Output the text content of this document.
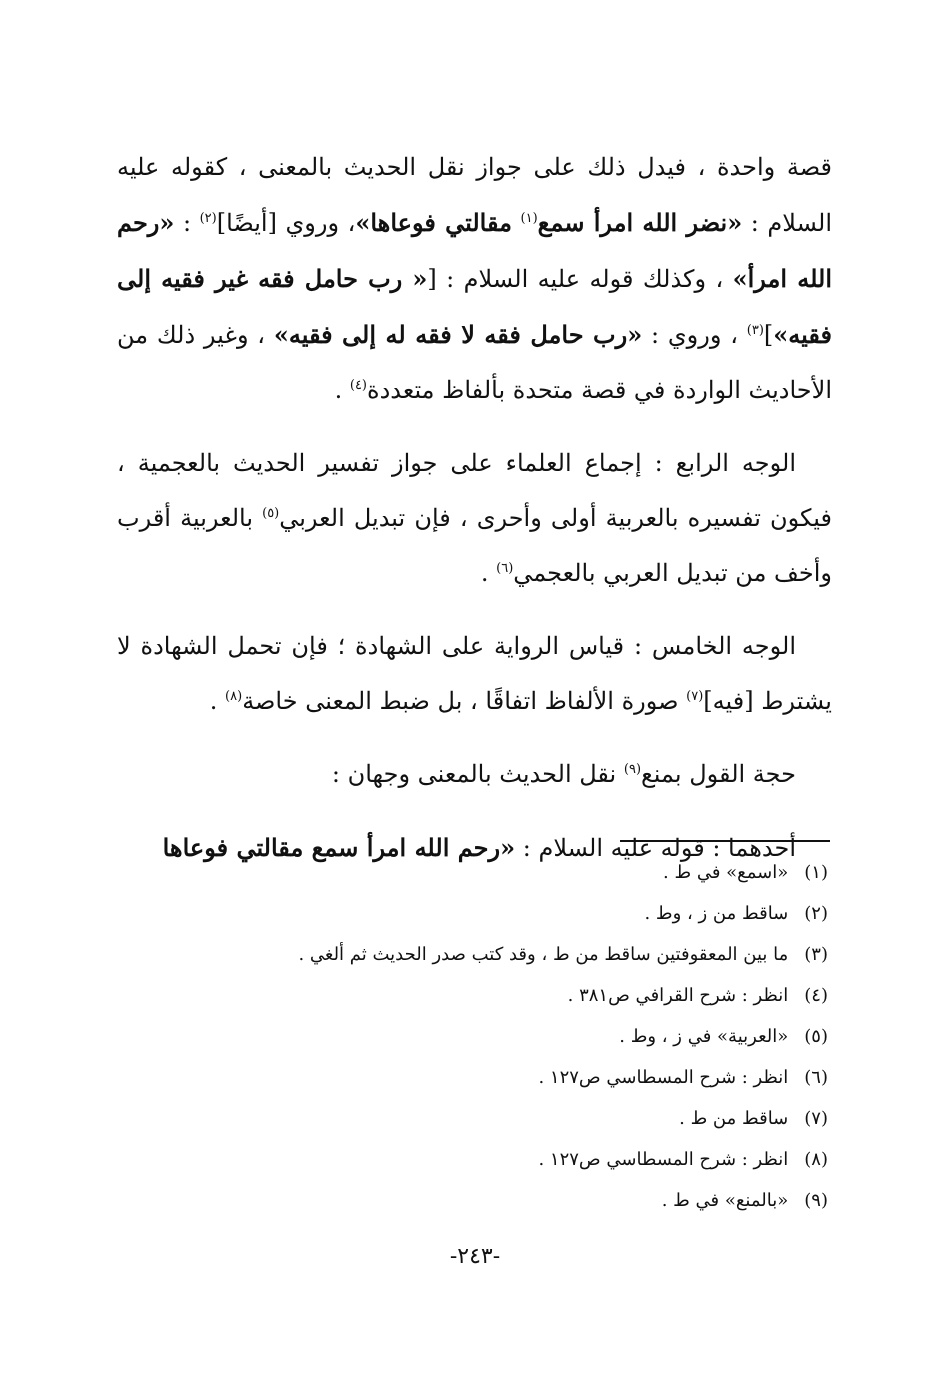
قصة واحدة ، فيدل ذلك على جواز نقل الحديث بالمعنى ، كقوله عليه السلام : «نضر الله امرأ سمع$^{(١)}$ مقالتي فوعاها»، وروي [أيضًا]$^{(٢)}$ : «رحم الله امرأ» ، وكذلك قوله عليه السلام : [« رب حامل فقه غير فقيه إلى فقيه»]$^{(٣)}$ ، وروي : «رب حامل فقه لا فقه له إلى فقيه» ، وغير ذلك من الأحاديث الواردة في قصة متحدة بألفاظ متعددة$^{(٤)}$ .

الوجه الرابع : إجماع العلماء على جواز تفسير الحديث بالعجمية ، فيكون تفسيره بالعربية أولى وأحرى ، فإن تبديل العربي$^{(٥)}$ بالعربية أقرب وأخف من تبديل العربي بالعجمي$^{(٦)}$ .

الوجه الخامس : قياس الرواية على الشهادة ؛ فإن تحمل الشهادة لا يشترط [فيه]$^{(٧)}$ صورة الألفاظ اتفاقًا ، بل ضبط المعنى خاصة$^{(٨)}$ .

حجة القول بمنع$^{(٩)}$ نقل الحديث بالمعنى وجهان :

أحدهما : قوله عليه السلام : «رحم الله امرأ سمع مقالتي فوعاها

(١) «اسمع» في ط .
(٢) ساقط من ز ، وط .
(٣) ما بين المعقوفتين ساقط من ط ، وقد كتب صدر الحديث ثم ألغي .
(٤) انظر : شرح القرافي ص٣٨١ .
(٥) «العربية» في ز ، وط .
(٦) انظر : شرح المسطاسي ص١٢٧ .
(٧) ساقط من ط .
(٨) انظر : شرح المسطاسي ص١٢٧ .
(٩) «بالمنع» في ط .
-٢٤٣-
